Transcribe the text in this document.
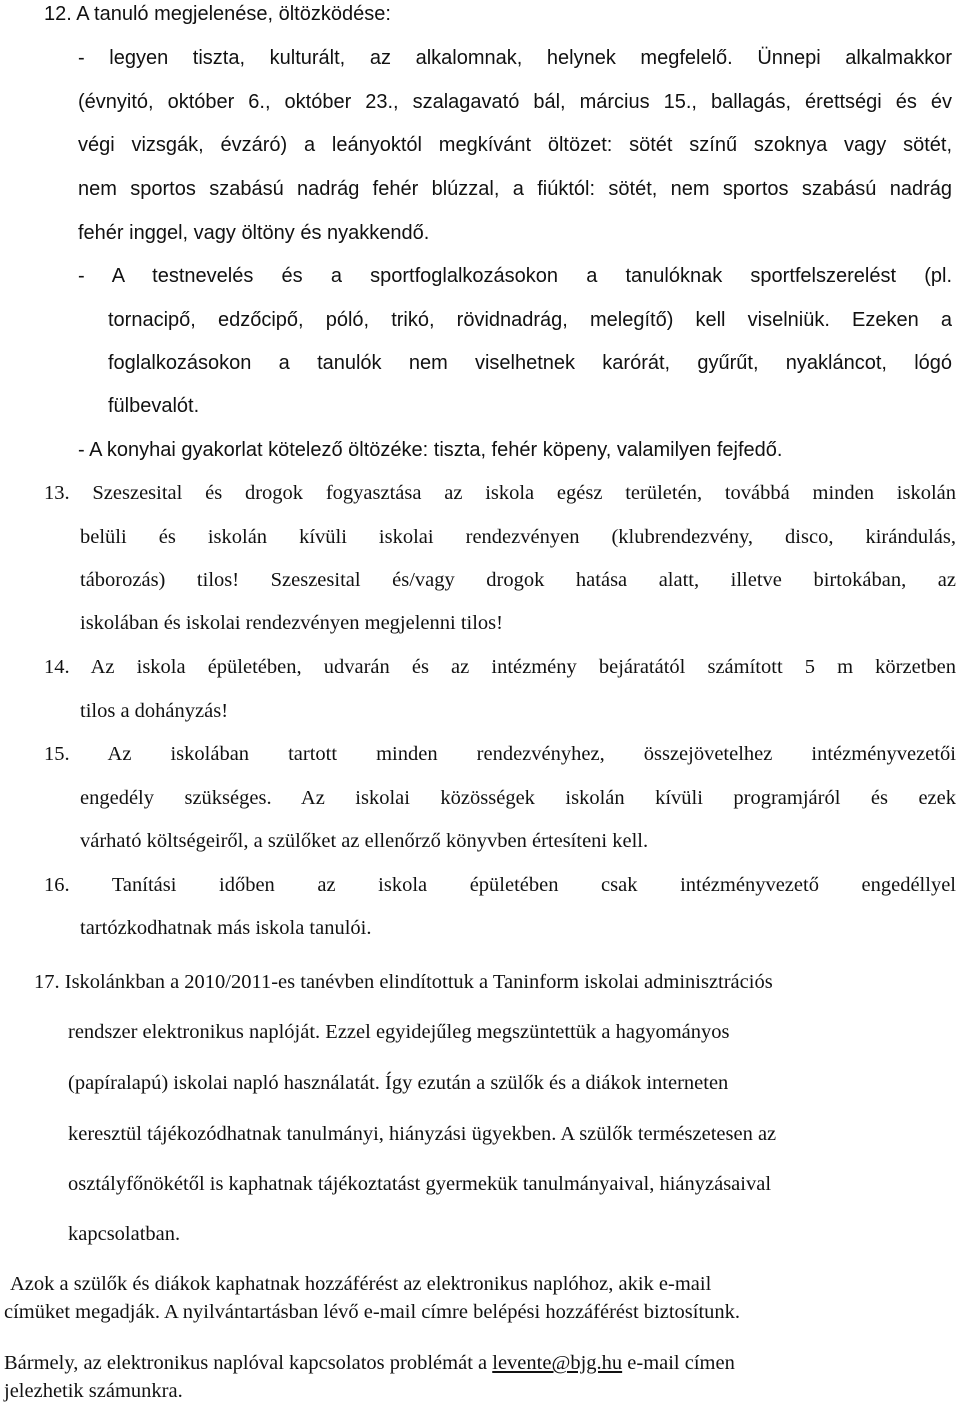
12. A tanuló megjelenése, öltözködése:

- legyen tiszta, kulturált, az alkalomnak, helynek megfelelő. Ünnepi alkalmakkor

(évnyitó, október 6., október 23., szalagavató bál, március 15., ballagás, érettségi és év

végi vizsgák, évzáró) a leányoktól megkívánt öltözet: sötét színű szoknya vagy sötét,

nem sportos szabású nadrág fehér blúzzal, a fiúktól: sötét, nem sportos szabású nadrág

fehér inggel, vagy öltöny és nyakkendő.

- A testnevelés és a sportfoglalkozásokon a tanulóknak sportfelszerelést (pl.

tornacipő, edzőcipő, póló, trikó, rövidnadrág, melegítő) kell viselniük. Ezeken a

foglalkozásokon a tanulók nem viselhetnek karórát, gyűrűt, nyakláncot, lógó

fülbevalót.

- A konyhai gyakorlat kötelező öltözéke: tiszta, fehér köpeny, valamilyen fejfedő.

13. Szeszesital és drogok fogyasztása az iskola egész területén, továbbá minden iskolán

belüli és iskolán kívüli iskolai rendezvényen (klubrendezvény, disco, kirándulás,

táborozás) tilos! Szeszesital és/vagy drogok hatása alatt, illetve birtokában, az

iskolában és iskolai rendezvényen megjelenni tilos!

14. Az iskola épületében, udvarán és az intézmény bejáratától számított 5 m körzetben

tilos a dohányzás!

15. Az iskolában tartott minden rendezvényhez, összejövetelhez intézményvezetői

engedély szükséges. Az iskolai közösségek iskolán kívüli programjáról és ezek

várható költségeiről, a szülőket az ellenőrző könyvben értesíteni kell.

16. Tanítási időben az iskola épületében csak intézményvezető engedéllyel

tartózkodhatnak más iskola tanulói.

17. Iskolánkban a 2010/2011-es tanévben elindítottuk a Taninform iskolai adminisztrációs

rendszer elektronikus naplóját. Ezzel egyidejűleg megszüntettük a hagyományos

(papíralapú) iskolai napló használatát. Így ezután a szülők és a diákok interneten

keresztül tájékozódhatnak tanulmányi, hiányzási ügyekben. A szülők természetesen az

osztályfőnökétől is kaphatnak tájékoztatást gyermekük tanulmányaival, hiányzásaival

kapcsolatban.

Azok a szülők és diákok kaphatnak hozzáférést az elektronikus naplóhoz, akik e-mail

címüket megadják. A nyilvántartásban lévő e-mail címre belépési hozzáférést biztosítunk.

Bármely, az elektronikus naplóval kapcsolatos problémát a levente@bjg.hu e-mail címen

jelezhetik számunkra.
